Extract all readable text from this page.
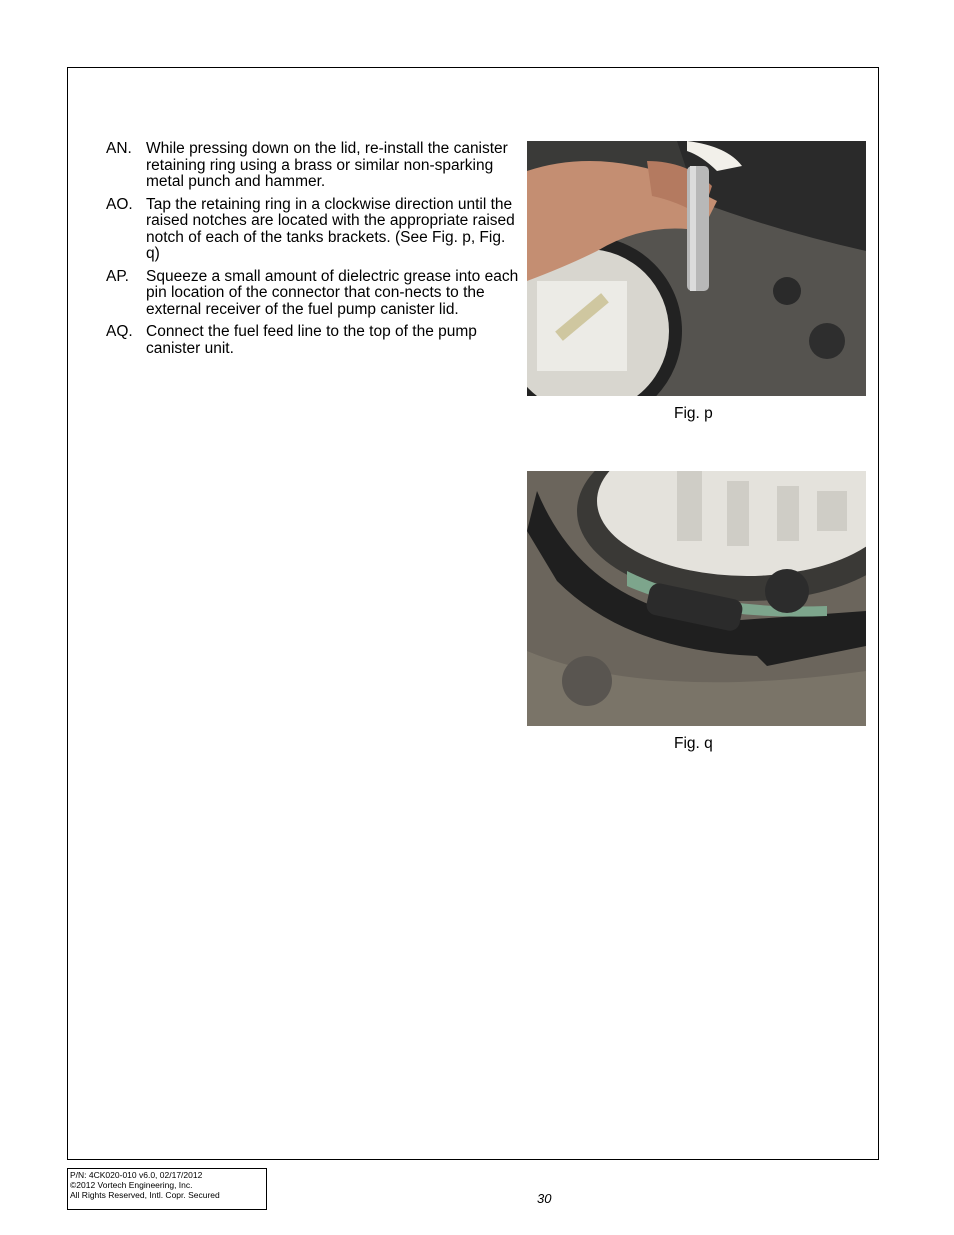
AN. While pressing down on the lid, re-install the canister retaining ring using a brass or similar non-sparking metal punch and hammer.
AO. Tap the retaining ring in a clockwise direction until the raised notches are located with the appropriate raised notch of each of the tanks brackets. (See Fig. p, Fig. q)
AP.	Squeeze a small amount of dielectric grease into each pin location of the connector that con-nects to the external receiver of the fuel pump canister lid.
AQ. Connect the fuel feed line to the top of the pump canister unit.
Fig. p
Fig. q
P/N: 4CK020-010 v6.0, 02/17/2012
©2012 Vortech Engineering, Inc.
All Rights Reserved, Intl. Copr. Secured	30
